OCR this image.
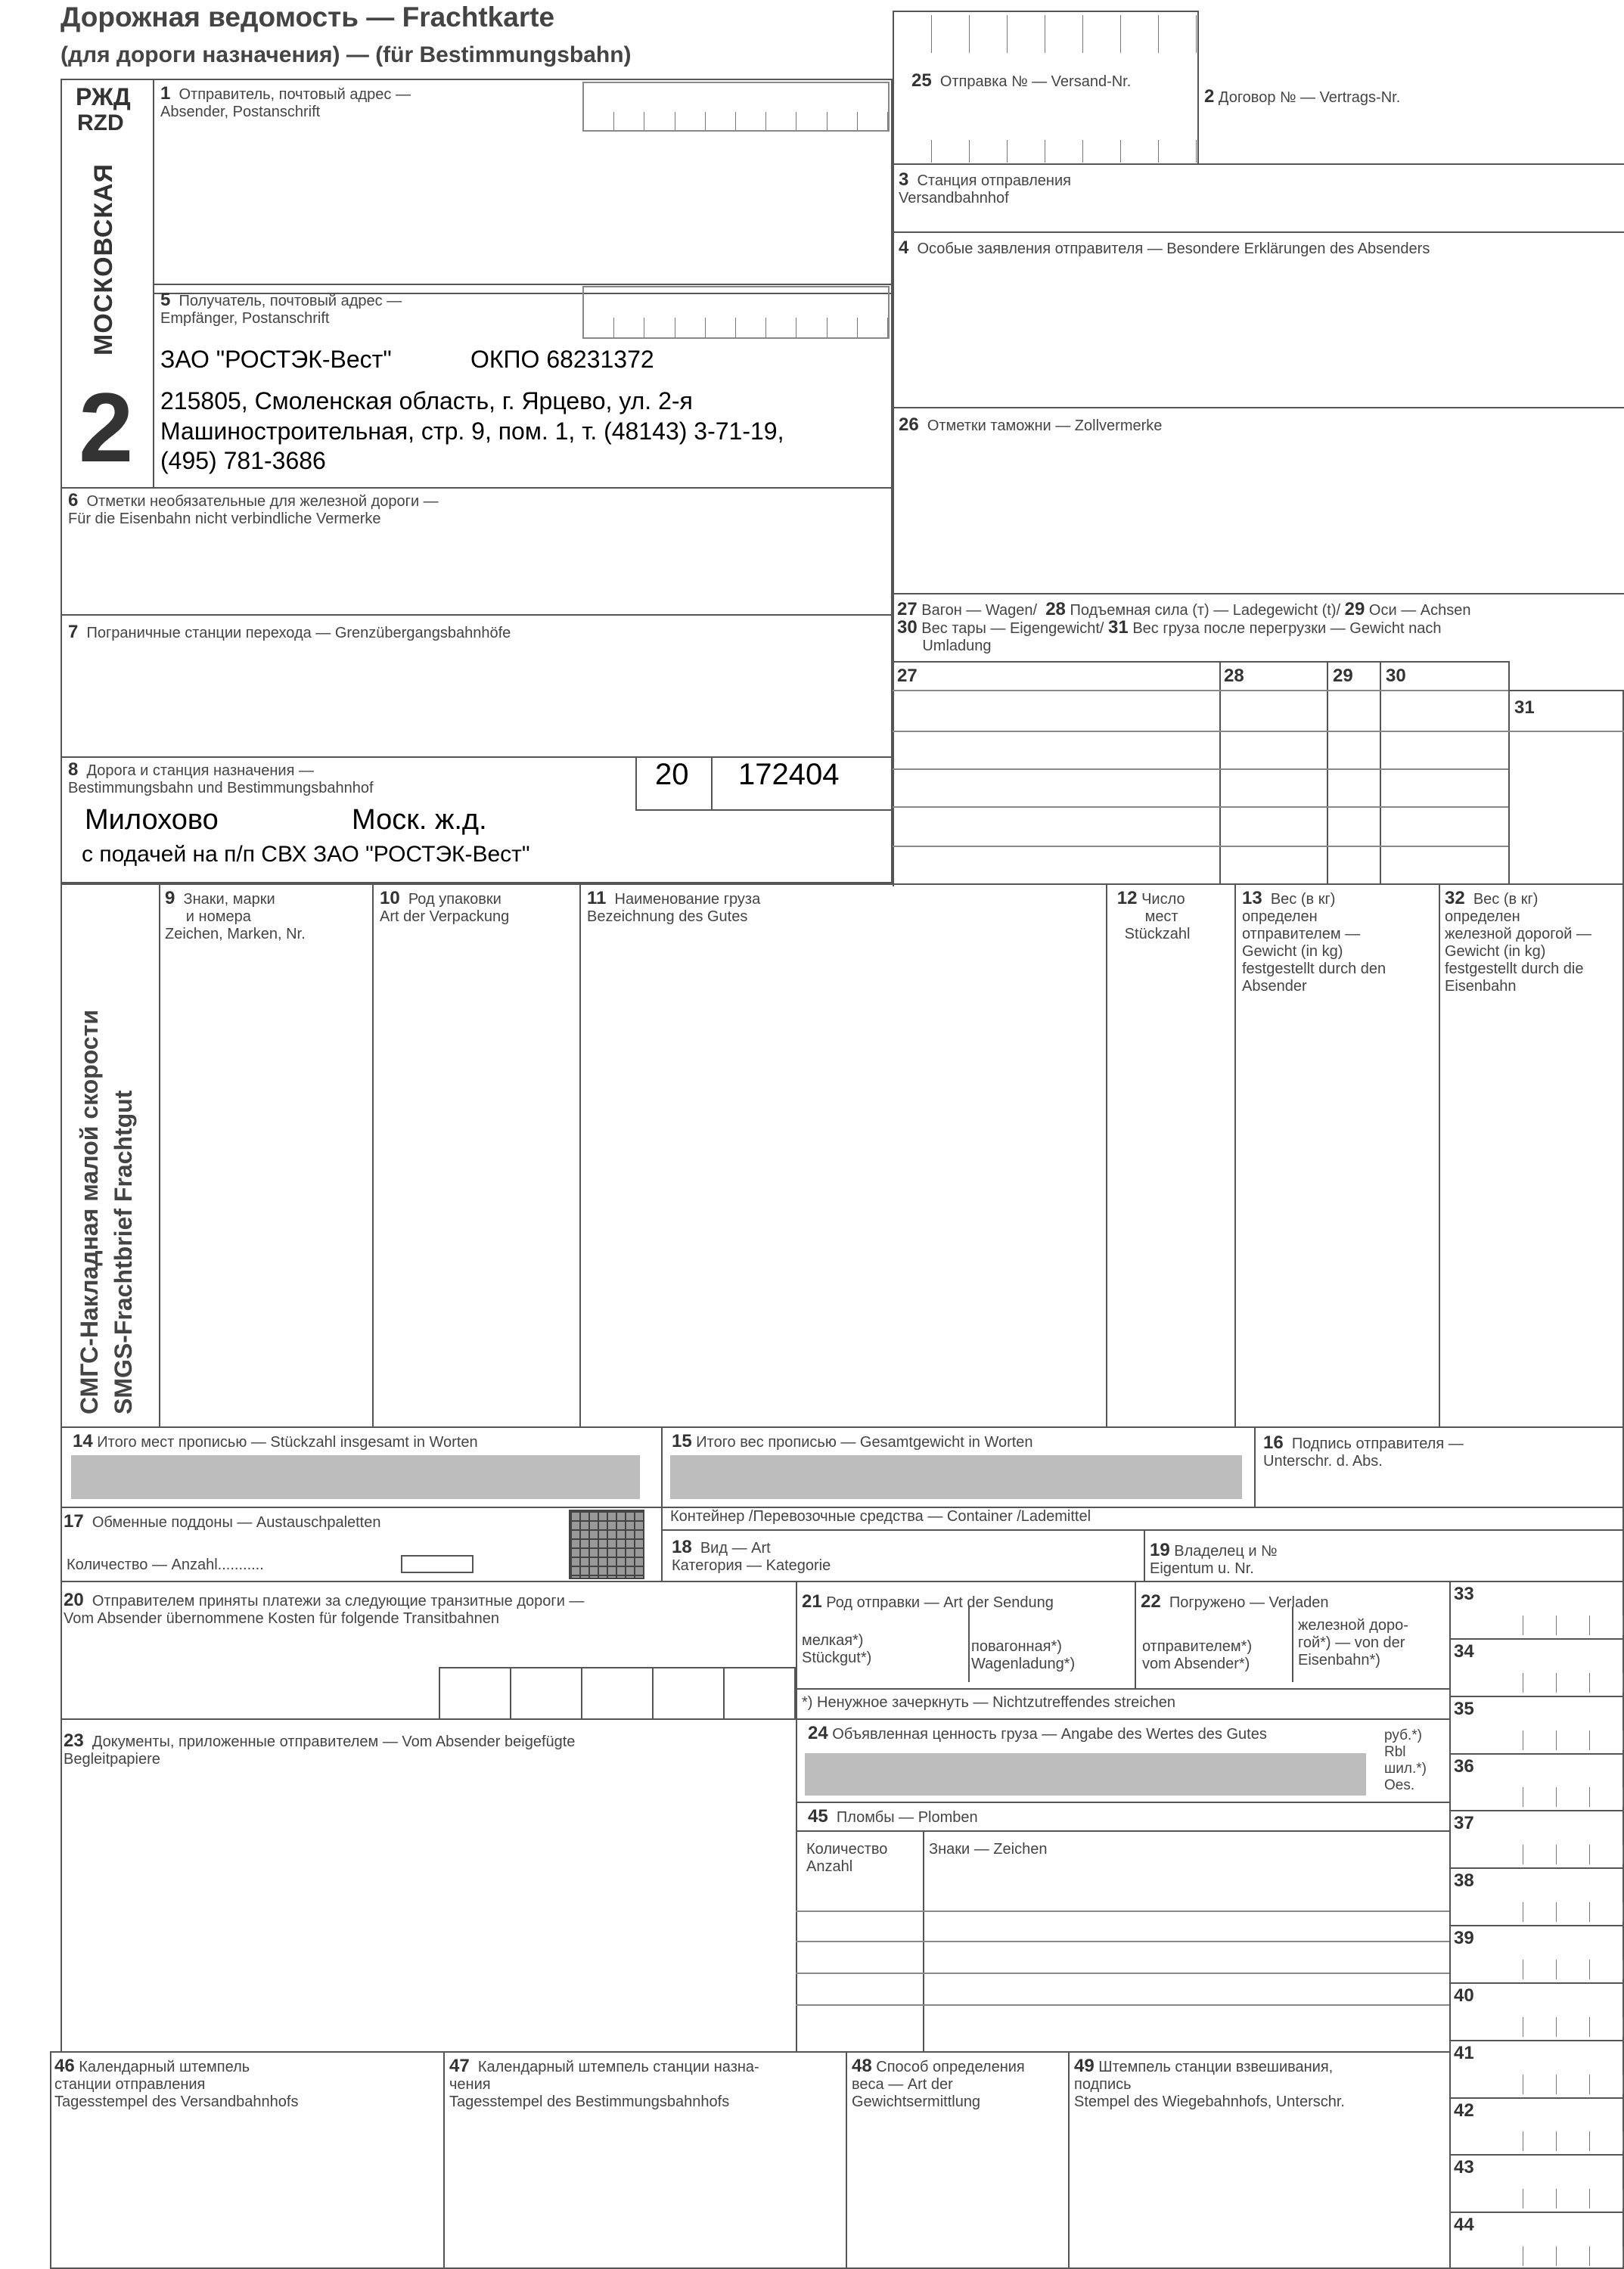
Дорожная ведомость — Frachtkarte
(для дороги назначения) — (für Bestimmungsbahn)
25 Отправка № — Versand-Nr.
РЖД
RZD
МОСКОВСКАЯ
2
1 Отправитель, почтовый адрес —
Absender, Postanschrift
5 Получатель, почтовый адрес —
Empfänger, Postanschrift
ЗАО "РОСТЭК-Вест"	ОКПО 68231372
215805, Смоленская область, г. Ярцево, ул. 2-я
Машиностроительная, стр. 9, пом. 1, т. (48143) 3-71-19,
(495) 781-3686
6 Отметки необязательные для железной дороги —
Für die Eisenbahn nicht verbindliche Vermerke
7 Пограничные станции перехода — Grenzübergangsbahnhöfe
8 Дорога и станция назначения —
Bestimmungsbahn und Bestimmungsbahnhof	20 172404
Милохово	Моск. ж.д.
с подачей на п/п СВХ ЗАО "РОСТЭК-Вест"
2 Договор № — Vertrags-Nr.
3 Станция отправления
Versandbahnhof
4 Особые заявления отправителя — Besondere Erklärungen des Absenders
26 Отметки таможни — Zollvermerke
27 Вагон — Wagen/ 28 Подъемная сила (т) — Ladegewicht (t)/ 29 Оси — Achsen
30 Вес тары — Eigengewicht/ 31 Вес груза после перегрузки — Gewicht nach
Umladung
27	28	29 30
31
СМГС-Накладная малой скорости SMGS-Frachtbrief Frachtgut
9 Знаки, марки
и номера
Zeichen, Marken, Nr.
10 Род упаковки
Art der Verpackung
11 Наименование груза
Bezeichnung des Gutes
12 Число
мест
Stückzahl
13 Вес (в кг)
определен
отправителем —
Gewicht (in kg)
festgestellt durch den
Absender
32 Вес (в кг)
определен
железной дорогой —
Gewicht (in kg)
festgestellt durch die
Eisenbahn
14 Итого мест прописью — Stückzahl insgesamt in Worten	15 Итого вес прописью — Gesamtgewicht in Worten	16 Подпись отправителя —
Unterschr. d. Abs.
17 Обменные поддоны — Austauschpaletten
Количество — Anzahl...........
Контейнер /Перевозочные средства — Container /Lademittel
18 Вид — Art
Категория — Kategorie
19 Владелец и №
Eigentum u. Nr.
20 Отправителем приняты платежи за следующие транзитные дороги —
Vom Absender übernommene Kosten für folgende Transitbahnen
21 Род отправки — Art der Sendung
мелкая*)
Stückgut*)
повагонная*)
Wagenladung*)
22 Погружено — Verladen
отправителем*)
vom Absender*)
железной доро-
гой*) — von der
Eisenbahn*)
*) Ненужное зачеркнуть — Nichtzutreffendes streichen
23 Документы, приложенные отправителем — Vom Absender beigefügte
Begleitpapiere
24 Объявленная ценность груза — Angabe des Wertes des Gutes	руб.*)
Rbl
шил.*)
Oes.
45 Пломбы — Plomben
Количество
Anzahl
Знаки — Zeichen
46 Календарный штемпель
станции отправления
Tagesstempel des Versandbahnhofs
47 Календарный штемпель станции назна-
чения
Tagesstempel des Bestimmungsbahnhofs
48 Способ определения
веса — Art der
Gewichtsermittlung
49 Штемпель станции взвешивания,
подпись
Stempel des Wiegebahnhofs, Unterschr.
33
34
35
36
37
38
39
40
41
42
43
44
